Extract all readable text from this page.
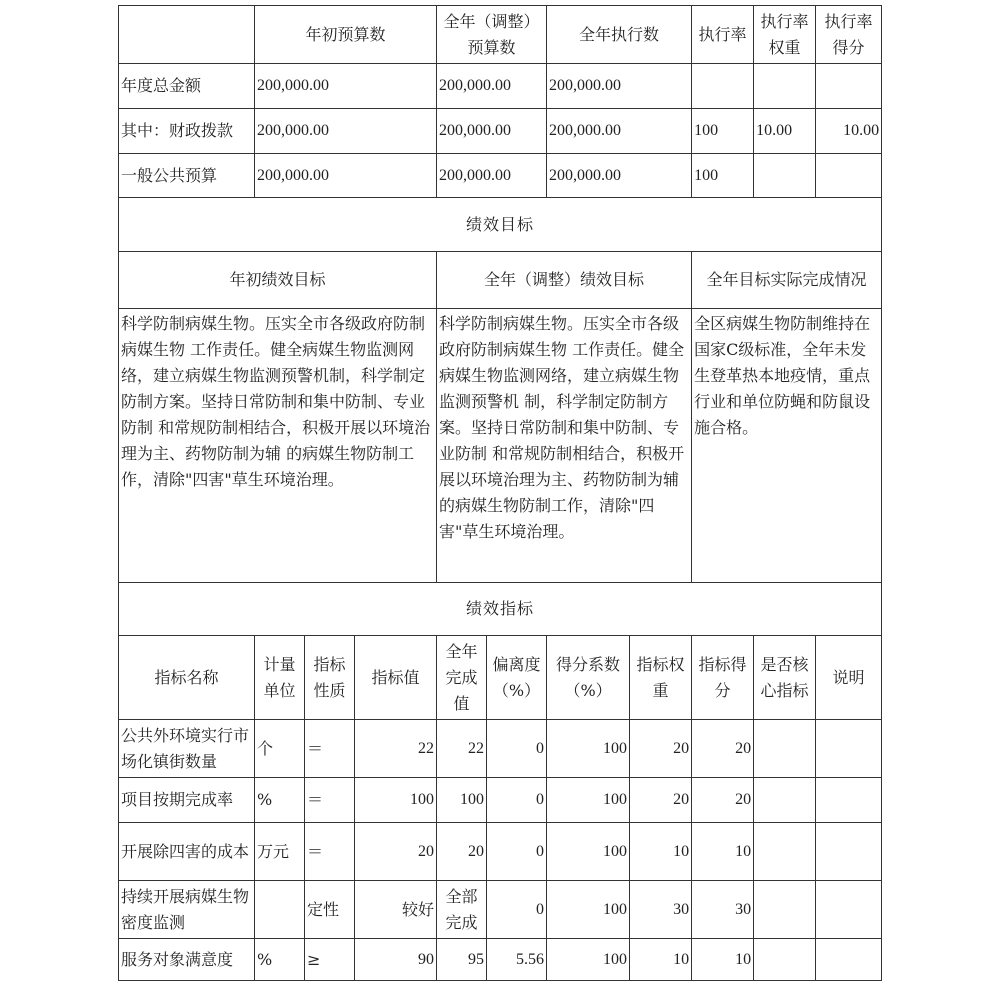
	年初预算数			全年（调整）预算数		全年执行数		执行率	执行率权重	执行率得分
年度总金额	200,000.00			200,000.00		200,000.00				
其中：财政拨款	200,000.00			200,000.00		200,000.00		100	10.00	10.00
一般公共预算	200,000.00			200,000.00		200,000.00		100		
绩效目标										
年初绩效目标				全年（调整）绩效目标				全年目标实际完成情况		
科学防制病媒生物。压实全市各级政府防制病媒生物 工作责任。健全病媒生物监测网络，建立病媒生物监测预警机制，科学制定防制方案。坚持日常防制和集中防制、专业防制 和常规防制相结合，积极开展以环境治理为主、药物防制为辅 的病媒生物防制工作，清除"四害"草生环境治理。				科学防制病媒生物。压实全市各级政府防制病媒生物 工作责任。健全病媒生物监测网络，建立病媒生物监测预警机 制，科学制定防制方案。坚持日常防制和集中防制、专业防制 和常规防制相结合，积极开展以环境治理为主、药物防制为辅的病媒生物防制工作，清除"四害"草生环境治理。				全区病媒生物防制维持在国家C级标准，全年未发生登革热本地疫情，重点行业和单位防蝇和防鼠设施合格。		
绩效指标										
指标名称	计量单位	指标性质	指标值	全年完成值	偏离度（%）	得分系数（%）	指标权重	指标得分	是否核心指标	说明
公共外环境实行市场化镇街数量	个	＝	22	22	0	100	20	20		
项目按期完成率	%	＝	100	100	0	100	20	20		
开展除四害的成本	万元	＝	20	20	0	100	10	10		
持续开展病媒生物密度监测		定性	较好	全部完成	0	100	30	30		
服务对象满意度	%	≥	90	95	5.56	100	10	10		
